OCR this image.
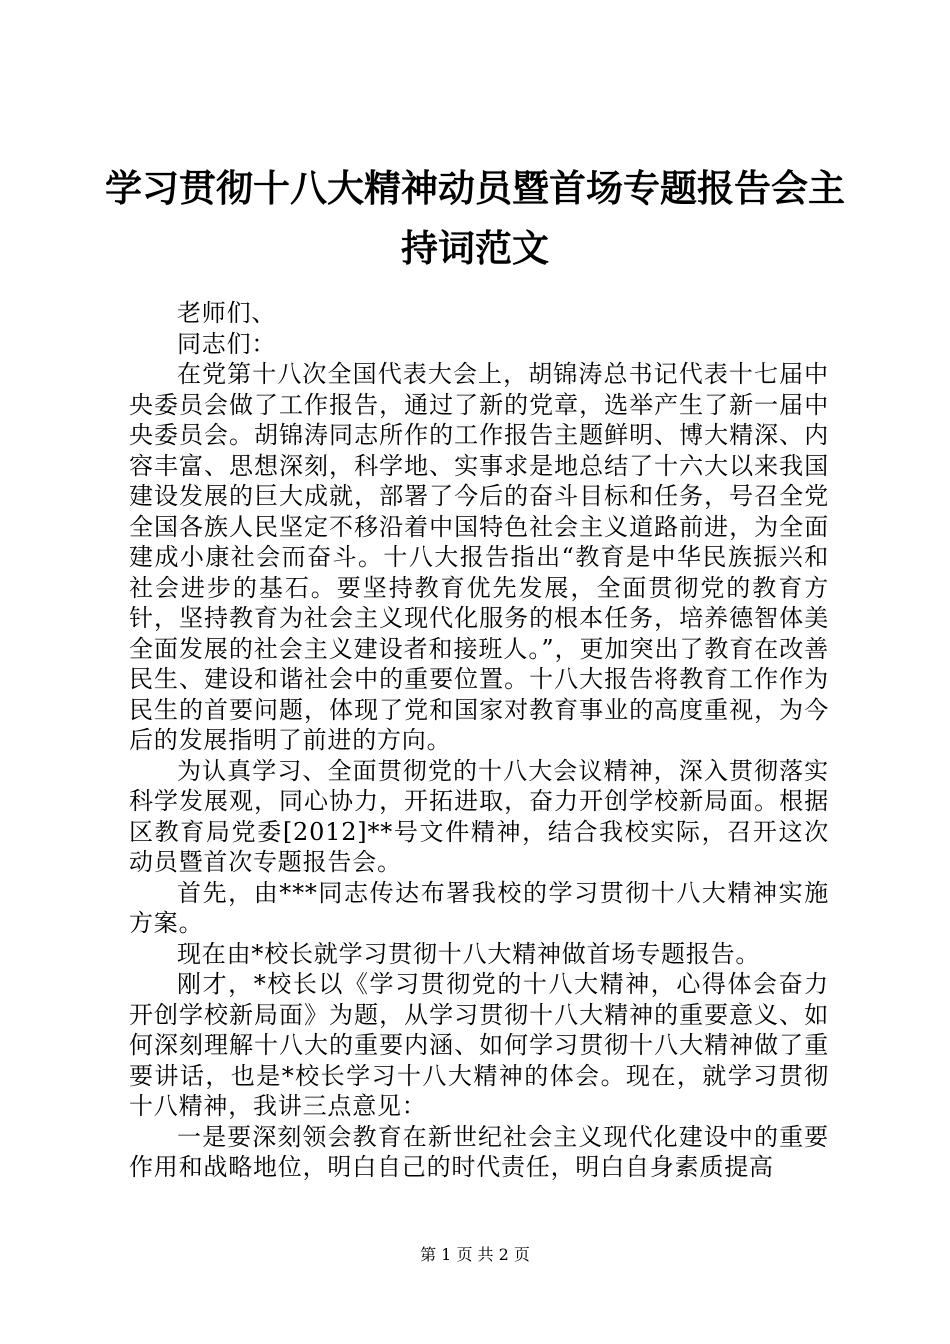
学习贯彻十八大精神动员暨首场专题报告会主持词范文

老师们、

同志们：

在党第十八次全国代表大会上，胡锦涛总书记代表十七届中央委员会做了工作报告，通过了新的党章，选举产生了新一届中央委员会。胡锦涛同志所作的工作报告主题鲜明、博大精深、内容丰富、思想深刻，科学地、实事求是地总结了十六大以来我国建设发展的巨大成就，部署了今后的奋斗目标和任务，号召全党全国各族人民坚定不移沿着中国特色社会主义道路前进，为全面建成小康社会而奋斗。十八大报告指出“教育是中华民族振兴和社会进步的基石。要坚持教育优先发展，全面贯彻党的教育方针，坚持教育为社会主义现代化服务的根本任务，培养德智体美全面发展的社会主义建设者和接班人。”，更加突出了教育在改善民生、建设和谐社会中的重要位置。十八大报告将教育工作作为民生的首要问题，体现了党和国家对教育事业的高度重视，为今后的发展指明了前进的方向。

为认真学习、全面贯彻党的十八大会议精神，深入贯彻落实科学发展观，同心协力，开拓进取，奋力开创学校新局面。根据区教育局党委[2012]**号文件精神，结合我校实际，召开这次动员暨首次专题报告会。

首先，由***同志传达布署我校的学习贯彻十八大精神实施方案。

现在由*校长就学习贯彻十八大精神做首场专题报告。

刚才，*校长以《学习贯彻党的十八大精神，心得体会奋力开创学校新局面》为题，从学习贯彻十八大精神的重要意义、如何深刻理解十八大的重要内涵、如何学习贯彻十八大精神做了重要讲话，也是*校长学习十八大精神的体会。现在，就学习贯彻十八精神，我讲三点意见：

一是要深刻领会教育在新世纪社会主义现代化建设中的重要作用和战略地位，明白自己的时代责任，明白自身素质提高

第 1 页 共 2 页
